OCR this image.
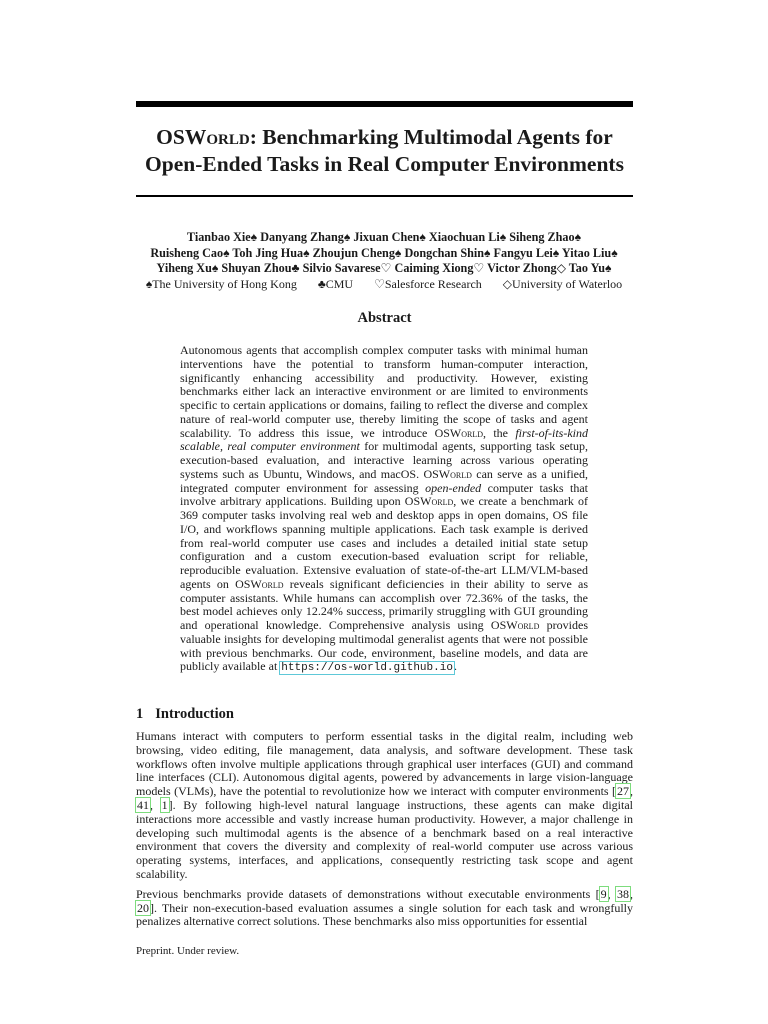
OSWorld: Benchmarking Multimodal Agents for
Open-Ended Tasks in Real Computer Environments
Tianbao Xie♠ Danyang Zhang♠ Jixuan Chen♠ Xiaochuan Li♠ Siheng Zhao♠
Ruisheng Cao♠ Toh Jing Hua♠ Zhoujun Cheng♠ Dongchan Shin♠ Fangyu Lei♠ Yitao Liu♠
Yiheng Xu♠ Shuyan Zhou♣ Silvio Savarese♡ Caiming Xiong♡ Victor Zhong◇ Tao Yu♠
♠The University of Hong Kong ♣CMU ♡Salesforce Research ◇University of Waterloo
Abstract

Autonomous agents that accomplish complex computer tasks with minimal human interventions have the potential to transform human-computer interaction, significantly enhancing accessibility and productivity. However, existing benchmarks either lack an interactive environment or are limited to environments specific to certain applications or domains, failing to reflect the diverse and complex nature of real-world computer use, thereby limiting the scope of tasks and agent scalability. To address this issue, we introduce OSWorld, the first-of-its-kind scalable, real computer environment for multimodal agents, supporting task setup, execution-based evaluation, and interactive learning across various operating systems such as Ubuntu, Windows, and macOS. OSWorld can serve as a unified, integrated computer environment for assessing open-ended computer tasks that involve arbitrary applications. Building upon OSWorld, we create a benchmark of 369 computer tasks involving real web and desktop apps in open domains, OS file I/O, and workflows spanning multiple applications. Each task example is derived from real-world computer use cases and includes a detailed initial state setup configuration and a custom execution-based evaluation script for reliable, reproducible evaluation. Extensive evaluation of state-of-the-art LLM/VLM-based agents on OSWorld reveals significant deficiencies in their ability to serve as computer assistants. While humans can accomplish over 72.36% of the tasks, the best model achieves only 12.24% success, primarily struggling with GUI grounding and operational knowledge. Comprehensive analysis using OSWorld provides valuable insights for developing multimodal generalist agents that were not possible with previous benchmarks. Our code, environment, baseline models, and data are publicly available at https://os-world.github.io.

1 Introduction

Humans interact with computers to perform essential tasks in the digital realm, including web browsing, video editing, file management, data analysis, and software development. These task workflows often involve multiple applications through graphical user interfaces (GUI) and command line interfaces (CLI). Autonomous digital agents, powered by advancements in large vision-language models (VLMs), have the potential to revolutionize how we interact with computer environments [27, 41, 1]. By following high-level natural language instructions, these agents can make digital interactions more accessible and vastly increase human productivity. However, a major challenge in developing such multimodal agents is the absence of a benchmark based on a real interactive environment that covers the diversity and complexity of real-world computer use across various operating systems, interfaces, and applications, consequently restricting task scope and agent scalability.

Previous benchmarks provide datasets of demonstrations without executable environments [9, 38, 20]. Their non-execution-based evaluation assumes a single solution for each task and wrongfully penalizes alternative correct solutions. These benchmarks also miss opportunities for essential

Preprint. Under review.
